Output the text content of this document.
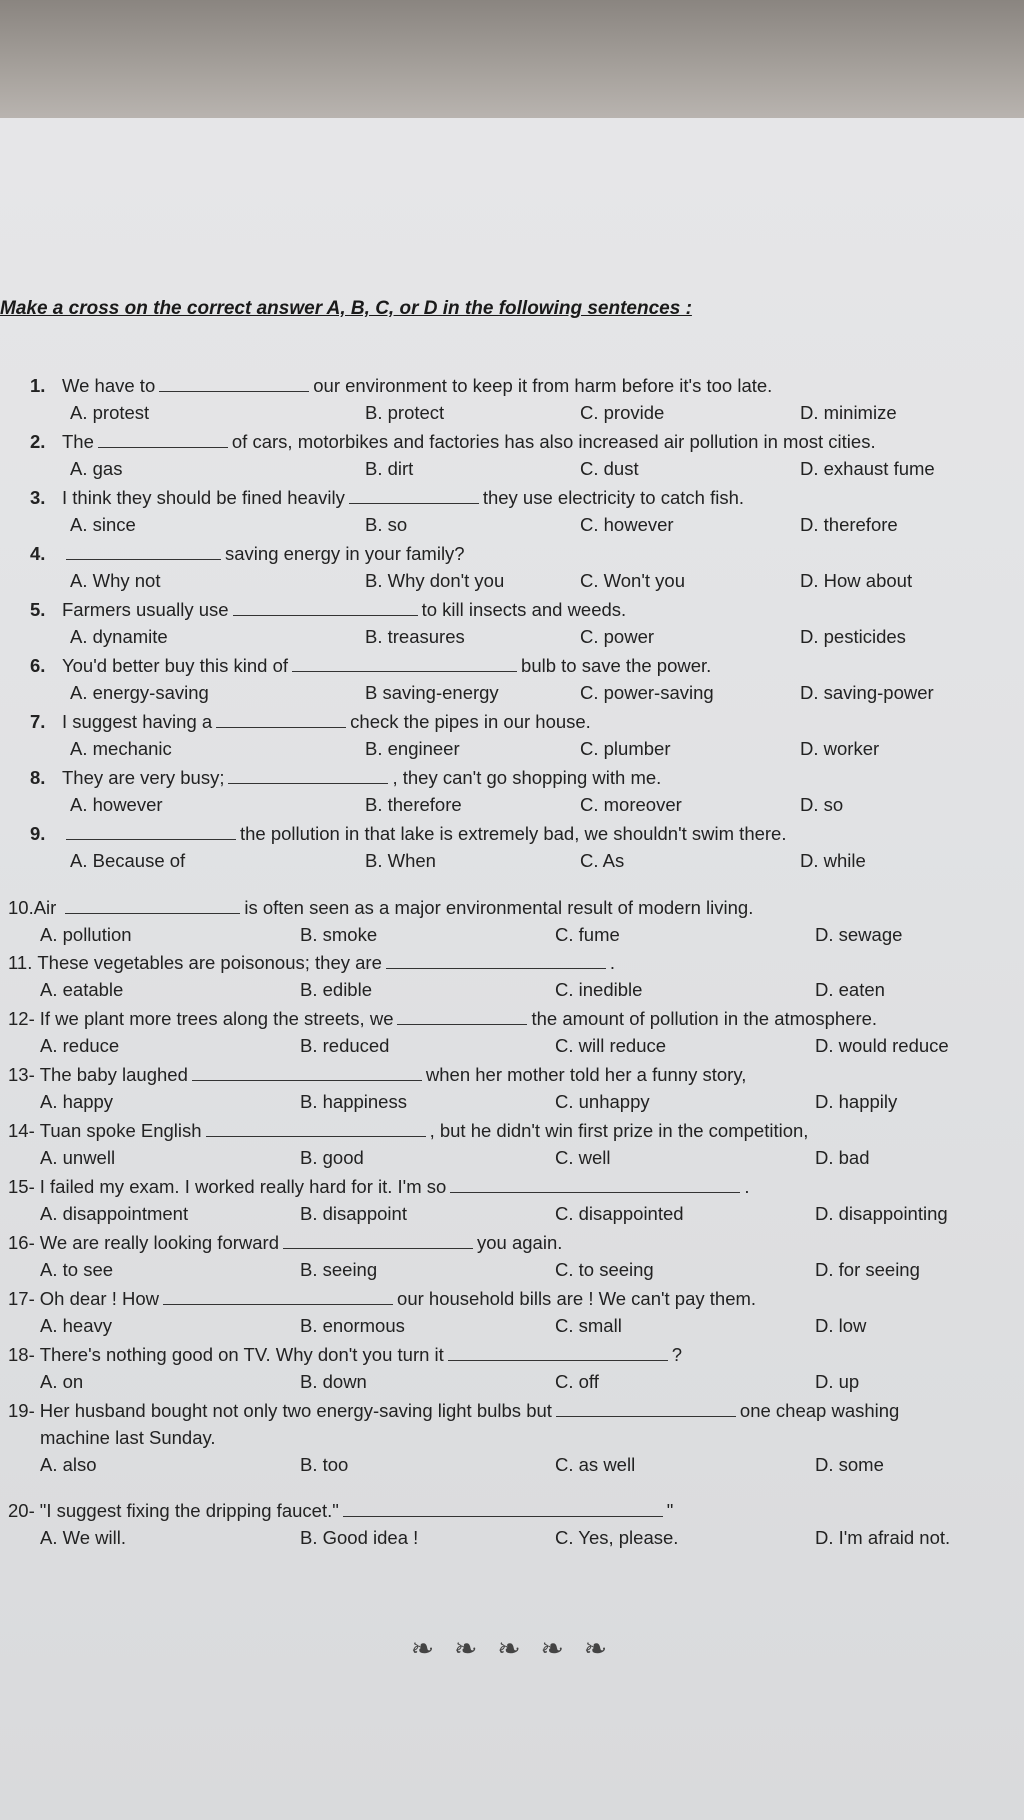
Make a cross on the correct answer A, B, C, or D in the following sentences :
1. We have to	our environment to keep it from harm before it's too late.
A. protest	B. protect	C. provide	D. minimize
2. The	of cars, motorbikes and factories has also increased air pollution in most cities.
A. gas	B. dirt	C. dust	D. exhaust fume
3. I think they should be fined heavily	they use electricity to catch fish.
A. since	B. so	C. however	D. therefore
4.	saving energy in your family?
A. Why not	B. Why don't you	C. Won't you	D. How about
5. Farmers usually use	to kill insects and weeds.
A. dynamite	B. treasures	C. power	D. pesticides
6. You'd better buy this kind of	bulb to save the power.
A. energy-saving	B saving-energy	C. power-saving	D. saving-power
7. I suggest having a	check the pipes in our house.
A. mechanic	B. engineer	C. plumber	D. worker
8. They are very busy;	, they can't go shopping with me.
A. however	B. therefore	C. moreover	D. so
9.	the pollution in that lake is extremely bad, we shouldn't swim there.
A. Because of	B. When	C. As	D. while
10.Air	is often seen as a major environmental result of modern living.
A. pollution	B. smoke	C. fume	D. sewage
11. These vegetables are poisonous; they are	.
A. eatable	B. edible	C. inedible	D. eaten
12- If we plant more trees along the streets, we	the amount of pollution in the atmosphere.
A. reduce	B. reduced	C. will reduce	D. would reduce
13- The baby laughed	when her mother told her a funny story,
A. happy	B. happiness	C. unhappy	D. happily
14- Tuan spoke English	, but he didn't win first prize in the competition,
A. unwell	B. good	C. well	D. bad
15- I failed my exam. I worked really hard for it. I'm so	.
A. disappointment	B. disappoint	C. disappointed	D. disappointing
16- We are really looking forward	you again.
A. to see	B. seeing	C. to seeing	D. for seeing
17- Oh dear ! How	our household bills are ! We can't pay them.
A. heavy	B. enormous	C. small	D. low
18- There's nothing good on TV. Why don't you turn it	?
A. on	B. down	C. off	D. up
19- Her husband bought not only two energy-saving light bulbs but	one cheap washing
machine last Sunday.
A. also	B. too	C. as well	D. some
20- "I suggest fixing the dripping faucet."	"
A. We will.	B. Good idea !	C. Yes, please.	D. I'm afraid not.
❧ ❧ ❧ ❧ ❧
